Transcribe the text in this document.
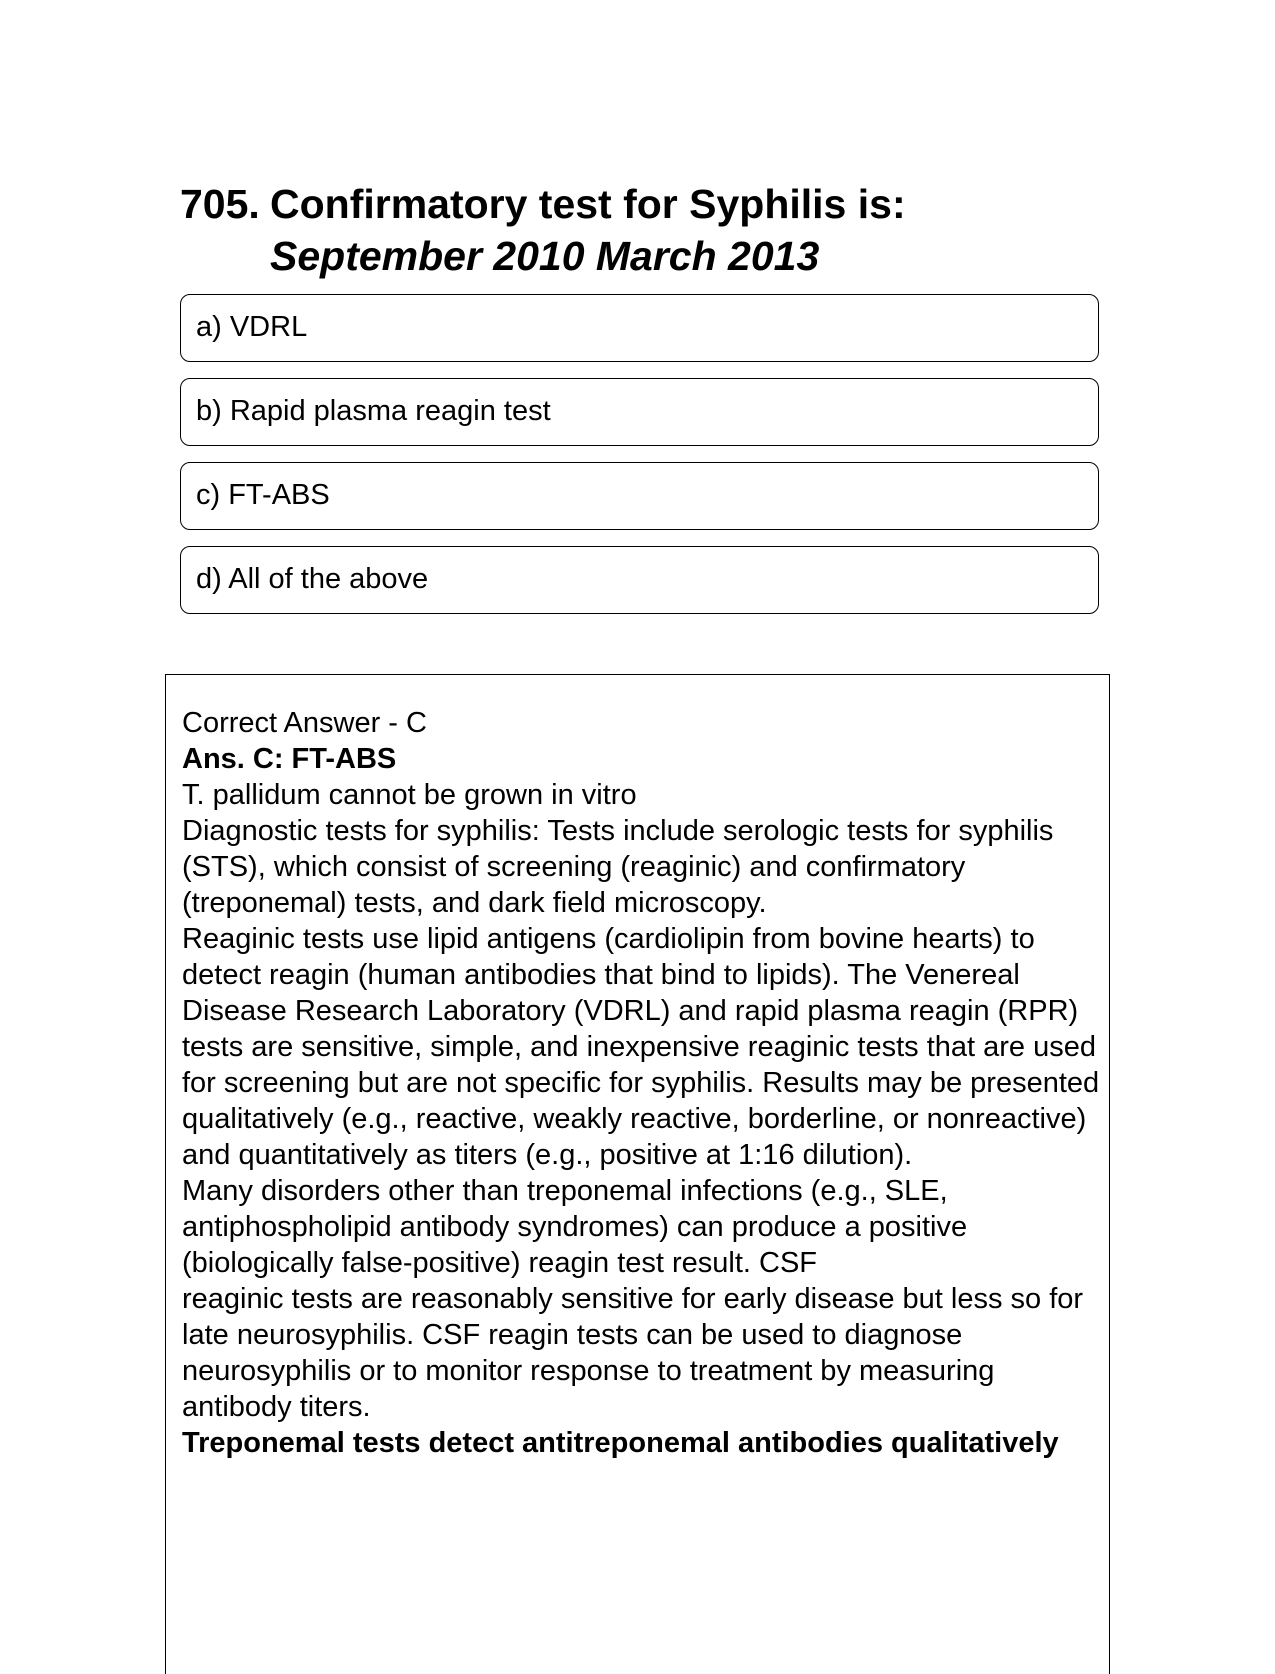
705. Confirmatory test for Syphilis is:
September 2010 March 2013
a) VDRL
b) Rapid plasma reagin test
c) FT-ABS
d) All of the above

Correct Answer - C

Ans. C: FT-ABS

T. pallidum cannot be grown in vitro

Diagnostic tests for syphilis: Tests include serologic tests for syphilis (STS), which consist of screening (reaginic) and confirmatory (treponemal) tests, and dark field microscopy.

Reaginic tests use lipid antigens (cardiolipin from bovine hearts) to detect reagin (human antibodies that bind to lipids). The Venereal Disease Research Laboratory (VDRL) and rapid plasma reagin (RPR) tests are sensitive, simple, and inexpensive reaginic tests that are used for screening but are not specific for syphilis. Results may be presented qualitatively (e.g., reactive, weakly reactive, borderline, or nonreactive) and quantitatively as titers (e.g., positive at 1:16 dilution).

Many disorders other than treponemal infections (e.g., SLE, antiphospholipid antibody syndromes) can produce a positive (biologically false-positive) reagin test result. CSF

reaginic tests are reasonably sensitive for early disease but less so for late neurosyphilis. CSF reagin tests can be used to diagnose neurosyphilis or to monitor response to treatment by measuring antibody titers.

Treponemal tests detect antitreponemal antibodies qualitatively
